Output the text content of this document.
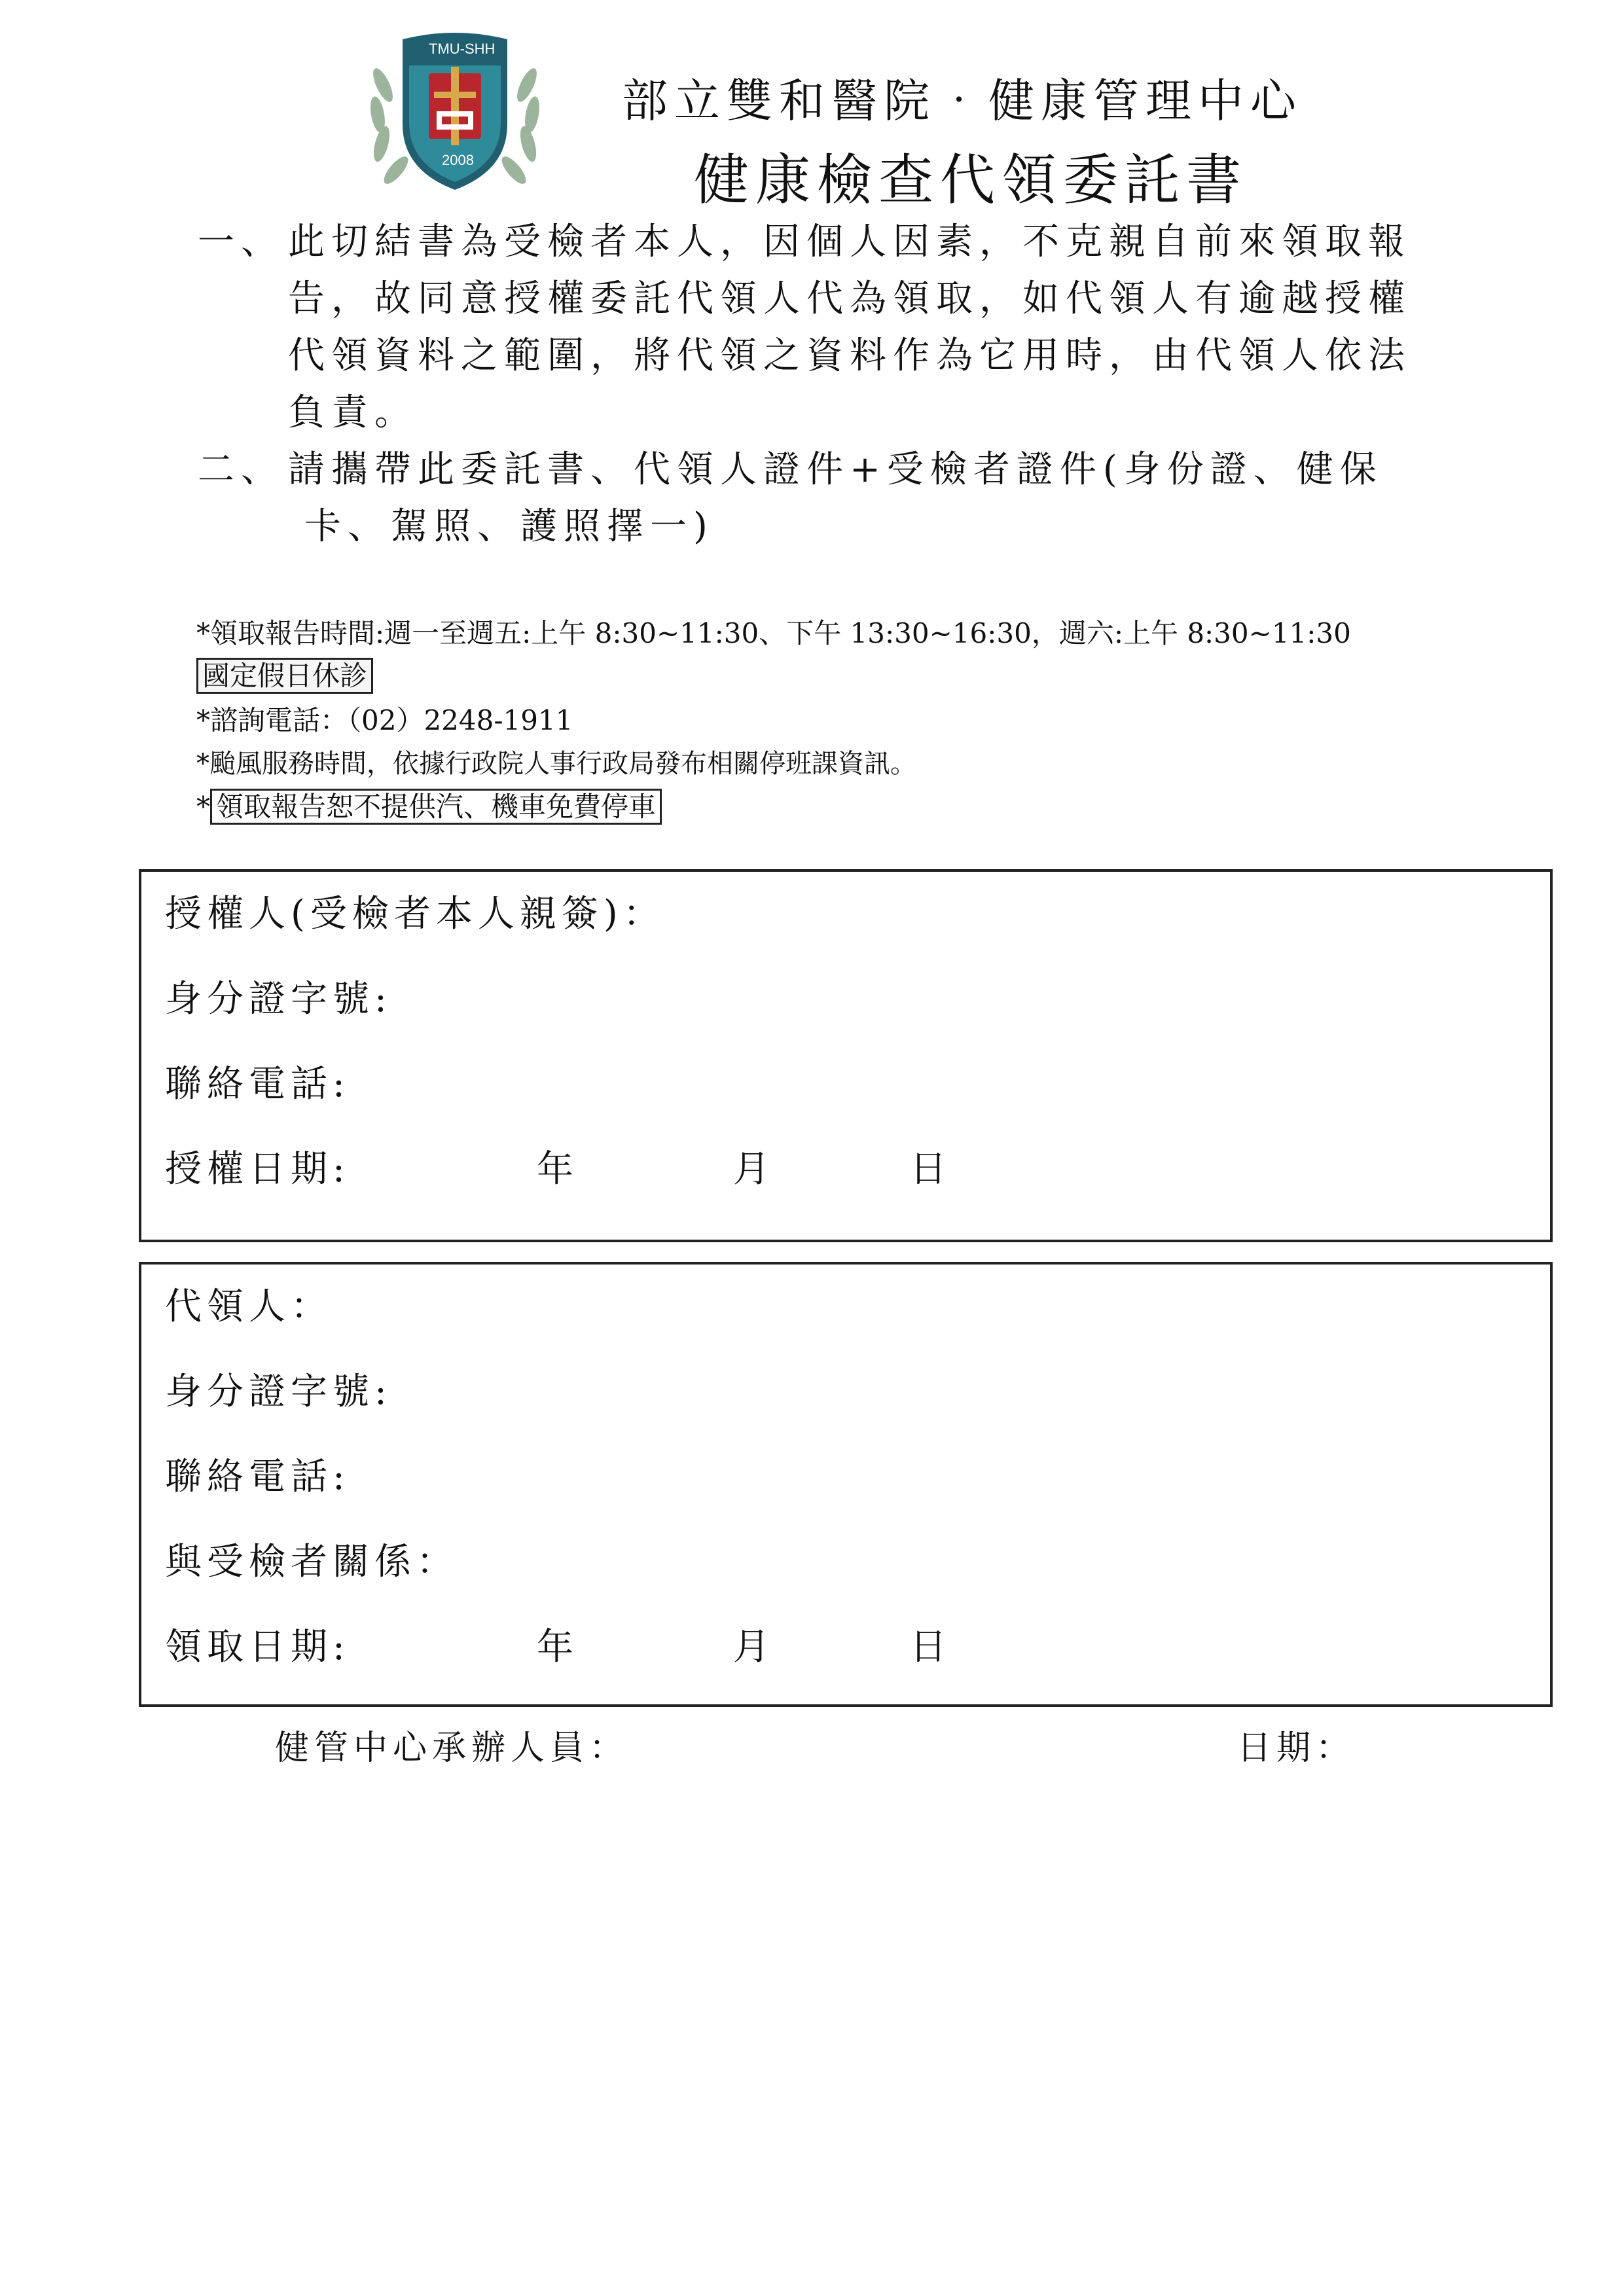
TMU-SHH
2008
部立雙和醫院‧健康管理中心
健康檢查代領委託書
一、 此切結書為受檢者本人，因個人因素，不克親自前來領取報
告，故同意授權委託代領人代為領取，如代領人有逾越授權
代領資料之範圍，將代領之資料作為它用時，由代領人依法
負責。
二、 請攜帶此委託書、代領人證件+受檢者證件(身份證、健保
卡、駕照、護照擇一)
*領取報告時間:週一至週五:上午 8:30~11:30、下午 13:30~16:30，週六:上午 8:30~11:30
國定假日休診
*諮詢電話：（02）2248-1911
*颱風服務時間，依據行政院人事行政局發布相關停班課資訊。
* 領取報告恕不提供汽、機車免費停車
授權人(受檢者本人親簽)：
身分證字號:
聯絡電話:
授權日期:	年	月	日
代領人：
身分證字號:
聯絡電話:
與受檢者關係：
領取日期:	年	月	日
健管中心承辦人員：	日期：
